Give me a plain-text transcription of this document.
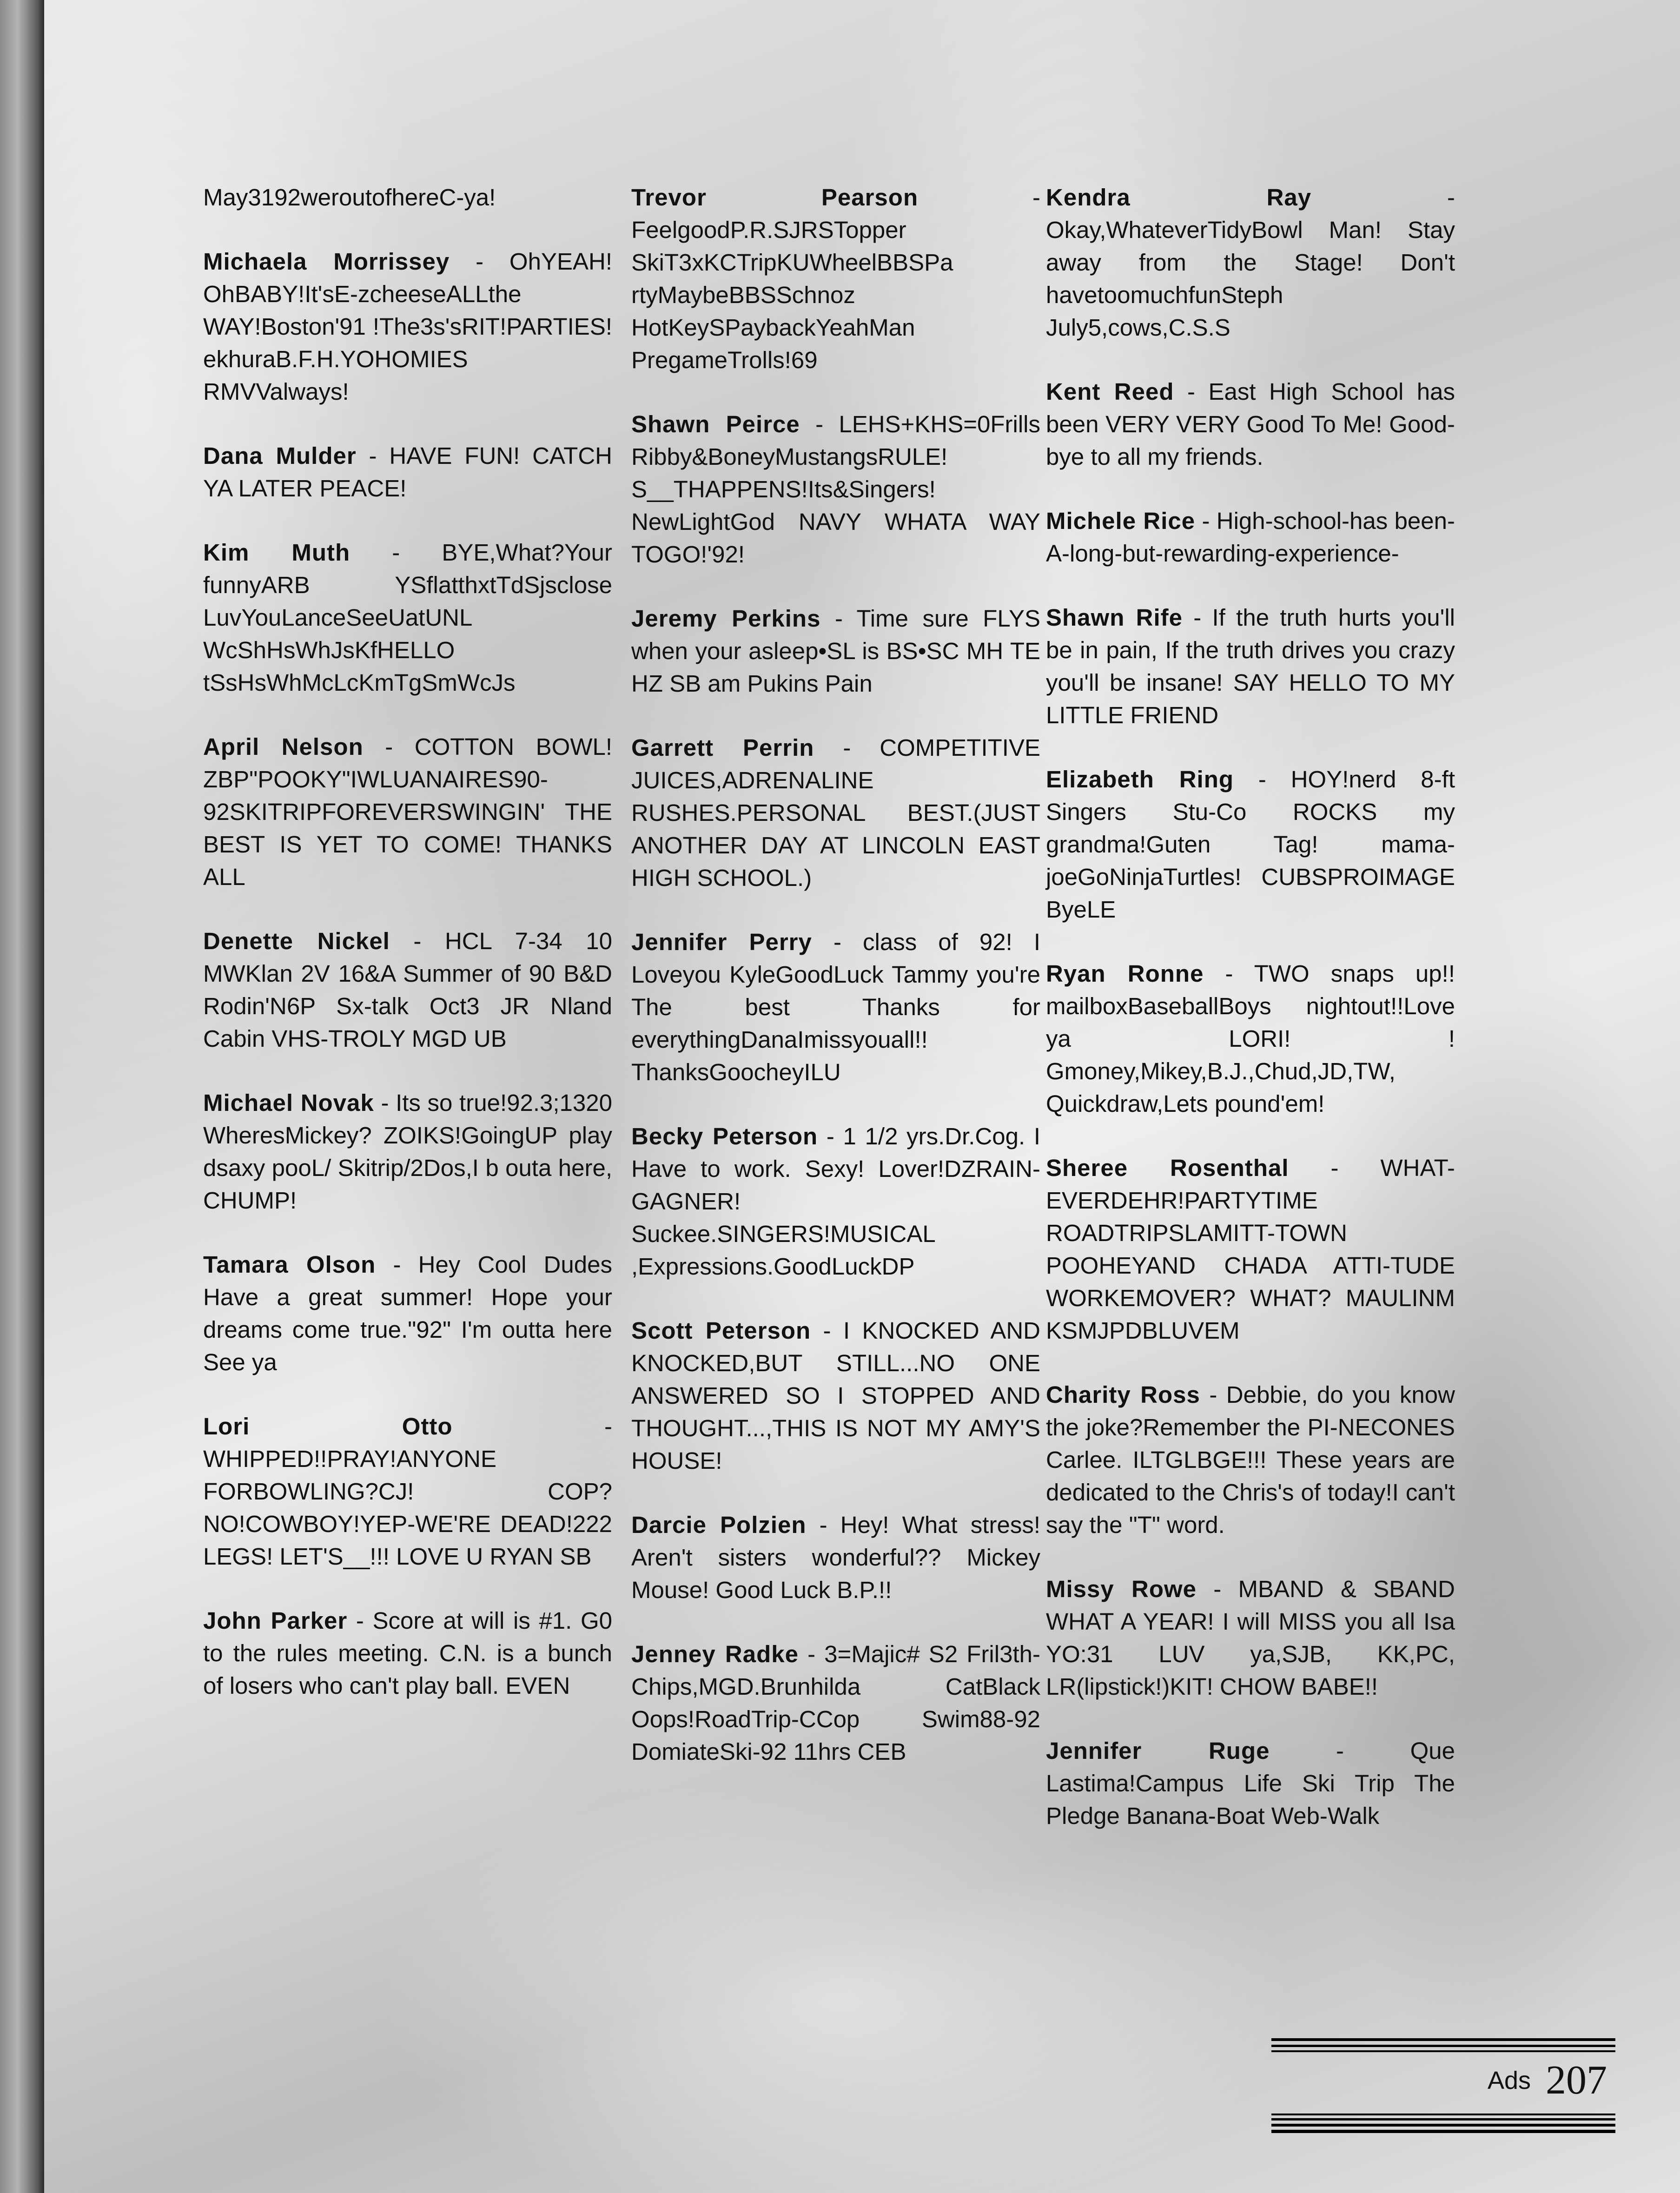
May3192weroutofhereC-ya!
Michaela Morrissey - OhYEAH! OhBABY!It'sE-zcheeseALLthe WAY!Boston'91 !The3s'sRIT!PARTIES! ekhuraB.F.H.YOHOMIES RMVValways!
Dana Mulder - HAVE FUN! CATCH YA LATER PEACE!
Kim Muth - BYE,What?Your funnyARB YSflatthxtTdSjsclose LuvYouLanceSeeUatUNL WcShHsWhJsKfHELLO tSsHsWhMcLcKmTgSmWcJs
April Nelson - COTTON BOWL! ZBP"POOKY"IWLUANAIRES90-92SKITRIPFOREVERSWINGIN' THE BEST IS YET TO COME! THANKS ALL
Denette Nickel - HCL 7-34 10 MWKlan 2V 16&A Summer of 90 B&D Rodin'N6P Sx-talk Oct3 JR Nland Cabin VHS-TROLY MGD UB
Michael Novak - Its so true!92.3;1320 WheresMickey? ZOIKS!GoingUP play dsaxy pooL/ Skitrip/2Dos,I b outa here, CHUMP!
Tamara Olson - Hey Cool Dudes Have a great summer! Hope your dreams come true."92" I'm outta here See ya
Lori Otto - WHIPPED!!PRAY!ANYONE FORBOWLING?CJ! COP?NO!COWBOY!YEP-WE'RE DEAD!222 LEGS! LET'S__!!! LOVE U RYAN SB
John Parker - Score at will is #1. G0 to the rules meeting. C.N. is a bunch of losers who can't play ball. EVEN
Trevor Pearson - FeelgoodP.R.SJRSTopper SkiT3xKCTripKUWheelBBSPa rtyMaybeBBSSchnoz HotKeySPaybackYeahMan PregameTrolls!69
Shawn Peirce - LEHS+KHS=0Frills Ribby&BoneyMustangsRULE! S__THAPPENS!Its&Singers! NewLightGod NAVY WHATA WAY TOGO!'92!
Jeremy Perkins - Time sure FLYS when your asleep•SL is BS•SC MH TE HZ SB am Pukins Pain
Garrett Perrin - COMPETITIVE JUICES,ADRENALINE RUSHES.PERSONAL BEST.(JUST ANOTHER DAY AT LINCOLN EAST HIGH SCHOOL.)
Jennifer Perry - class of 92! I Loveyou KyleGoodLuck Tammy you're The best Thanks for everythingDanaImissyouall!! ThanksGoocheyILU
Becky Peterson - 1 1/2 yrs.Dr.Cog. I Have to work. Sexy! Lover!DZRAIN-GAGNER! Suckee.SINGERS!MUSICAL ,Expressions.GoodLuckDP
Scott Peterson - I KNOCKED AND KNOCKED,BUT STILL...NO ONE ANSWERED SO I STOPPED AND THOUGHT...,THIS IS NOT MY AMY'S HOUSE!
Darcie Polzien - Hey! What stress! Aren't sisters wonderful?? Mickey Mouse! Good Luck B.P.!!
Jenney Radke - 3=Majic# S2 Fril3th-Chips,MGD.Brunhilda CatBlack Oops!RoadTrip-CCop Swim88-92 DomiateSki-92 11hrs CEB
Kendra Ray - Okay,WhateverTidyBowl Man! Stay away from the Stage! Don't havetoomuchfunSteph July5,cows,C.S.S
Kent Reed - East High School has been VERY VERY Good To Me! Good-bye to all my friends.
Michele Rice - High-school-has been-A-long-but-rewarding-experience-
Shawn Rife - If the truth hurts you'll be in pain, If the truth drives you crazy you'll be insane! SAY HELLO TO MY LITTLE FRIEND
Elizabeth Ring - HOY!nerd 8-ft Singers Stu-Co ROCKS my grandma!Guten Tag! mama-joeGoNinjaTurtles! CUBSPROIMAGE ByeLE
Ryan Ronne - TWO snaps up!! mailboxBaseballBoys nightout!!Love ya LORI! ! Gmoney,Mikey,B.J.,Chud,JD,TW, Quickdraw,Lets pound'em!
Sheree Rosenthal - WHAT-EVERDEHR!PARTYTIME ROADTRIPSLAMITT-TOWN POOHEYAND CHADA ATTI-TUDE WORKEMOVER? WHAT? MAULINM KSMJPDBLUVEM
Charity Ross - Debbie, do you know the joke?Remember the PI-NECONES Carlee. ILTGLBGE!!! These years are dedicated to the Chris's of today!I can't say the "T" word.
Missy Rowe - MBAND & SBAND WHAT A YEAR! I will MISS you all Isa YO:31 LUV ya,SJB, KK,PC, LR(lipstick!)KIT! CHOW BABE!!
Jennifer Ruge - Que Lastima!Campus Life Ski Trip The Pledge Banana-Boat Web-Walk
Ads 207
